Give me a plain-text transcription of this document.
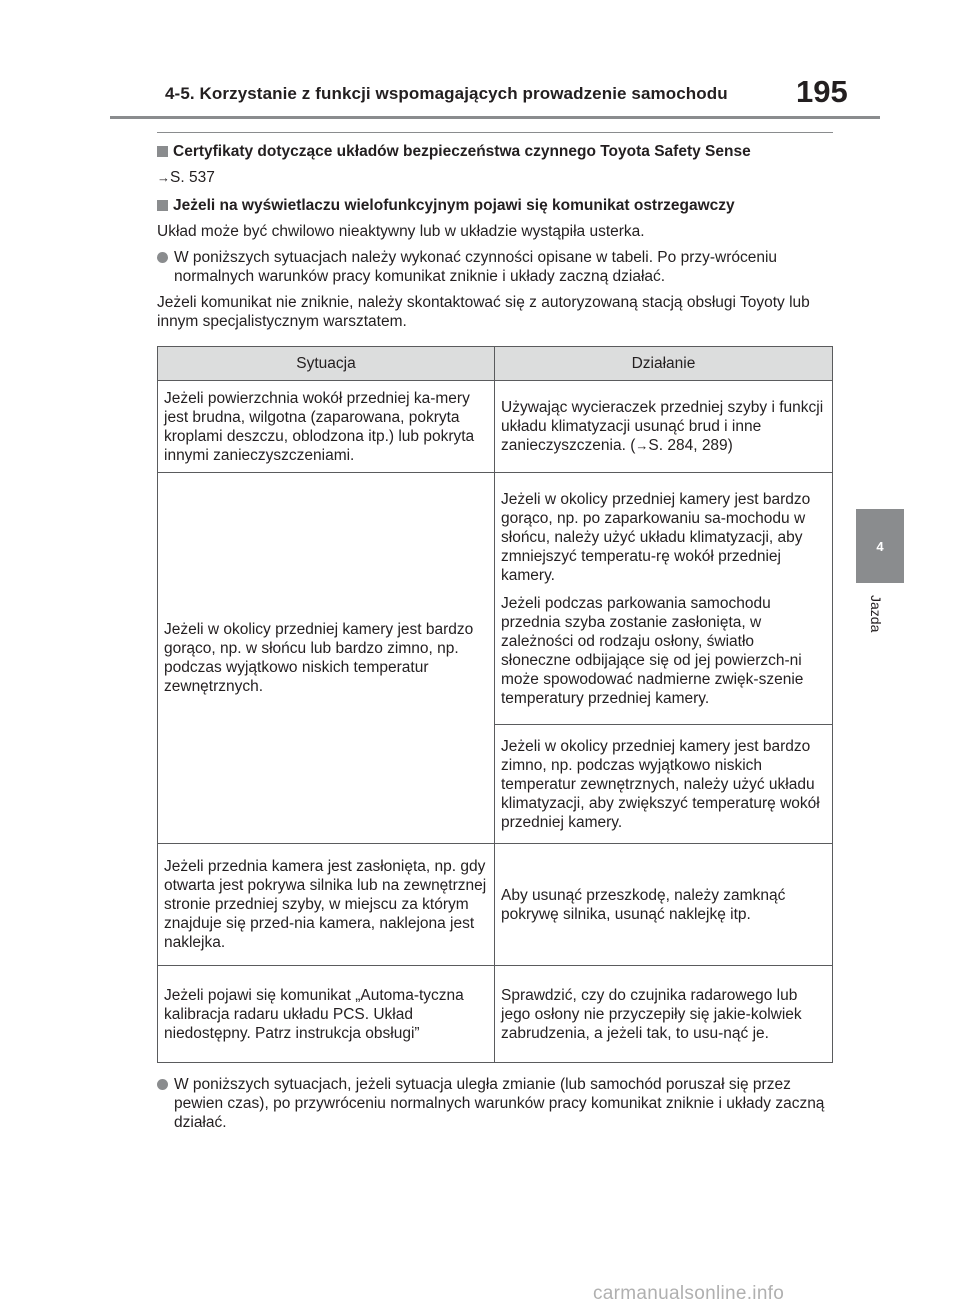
4-5. Korzystanie z funkcji wspomagających prowadzenie samochodu 195
4
Jazda
Certyfikaty dotyczące układów bezpieczeństwa czynnego Toyota Safety Sense
→S. 537
Jeżeli na wyświetlaczu wielofunkcyjnym pojawi się komunikat ostrzegawczy
Układ może być chwilowo nieaktywny lub w układzie wystąpiła usterka.
W poniższych sytuacjach należy wykonać czynności opisane w tabeli. Po przy-wróceniu normalnych warunków pracy komunikat zniknie i układy zaczną działać.
Jeżeli komunikat nie zniknie, należy skontaktować się z autoryzowaną stacją obsługi Toyoty lub innym specjalistycznym warsztatem.
Sytuacja	Działanie
Jeżeli powierzchnia wokół przedniej ka-mery jest brudna, wilgotna (zaparowana, pokryta kroplami deszczu, oblodzona itp.) lub pokryta innymi zanieczyszczeniami.	Używając wycieraczek przedniej szyby i funkcji układu klimatyzacji usunąć brud i inne zanieczyszczenia. (→S. 284, 289)
Jeżeli w okolicy przedniej kamery jest bardzo gorąco, np. w słońcu lub bardzo zimno, np. podczas wyjątkowo niskich temperatur zewnętrznych.	Jeżeli w okolicy przedniej kamery jest bardzo gorąco, np. po zaparkowaniu sa-mochodu w słońcu, należy użyć układu klimatyzacji, aby zmniejszyć temperatu-rę wokół przedniej kamery.
Jeżeli podczas parkowania samochodu przednia szyba zostanie zasłonięta, w zależności od rodzaju osłony, światło słoneczne odbijające się od jej powierzch-ni może spowodować nadmierne zwięk-szenie temperatury przedniej kamery.

	Jeżeli w okolicy przedniej kamery jest bardzo zimno, np. podczas wyjątkowo niskich temperatur zewnętrznych, należy użyć układu klimatyzacji, aby zwiększyć temperaturę wokół przedniej kamery.
Jeżeli przednia kamera jest zasłonięta, np. gdy otwarta jest pokrywa silnika lub na zewnętrznej stronie przedniej szyby, w miejscu za którym znajduje się przed-nia kamera, naklejona jest naklejka.	Aby usunąć przeszkodę, należy zamknąć pokrywę silnika, usunąć naklejkę itp.
Jeżeli pojawi się komunikat „Automa-tyczna kalibracja radaru układu PCS. Układ niedostępny. Patrz instrukcja obsługi”	Sprawdzić, czy do czujnika radarowego lub jego osłony nie przyczepiły się jakie-kolwiek zabrudzenia, a jeżeli tak, to usu-nąć je.
W poniższych sytuacjach, jeżeli sytuacja uległa zmianie (lub samochód poruszał się przez pewien czas), po przywróceniu normalnych warunków pracy komunikat zniknie i układy zaczną działać.
carmanualsonline.info
